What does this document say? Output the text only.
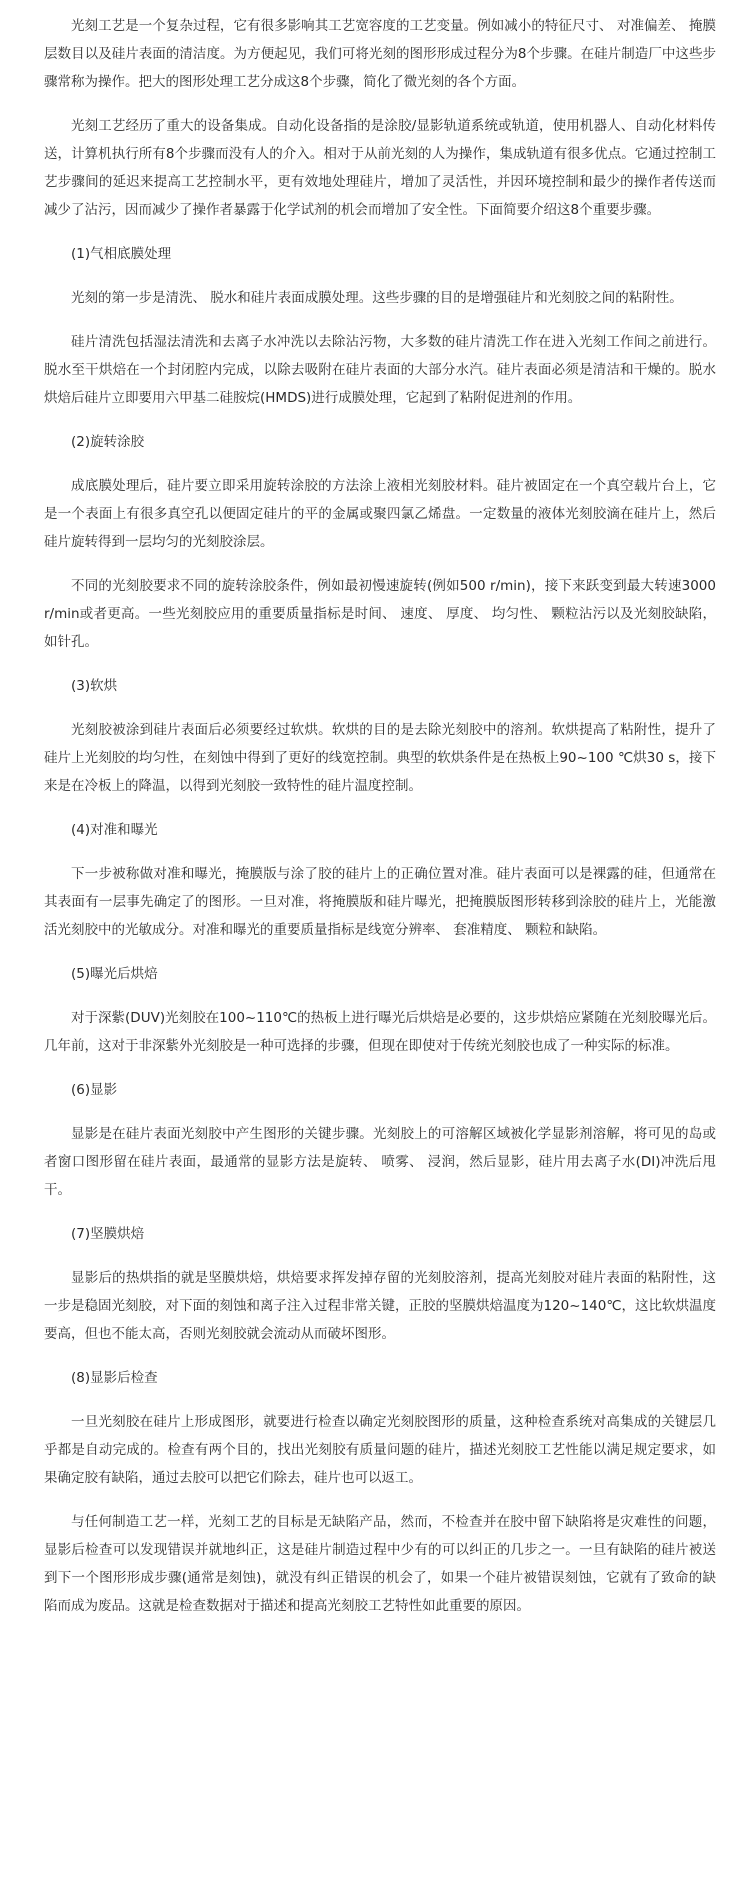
光刻工艺是一个复杂过程，它有很多影响其工艺宽容度的工艺变量。例如减小的特征尺寸、 对准偏差、 掩膜层数目以及硅片表面的清洁度。为方便起见，我们可将光刻的图形形成过程分为8个步骤。在硅片制造厂中这些步骤常称为操作。把大的图形处理工艺分成这8个步骤，简化了微光刻的各个方面。

光刻工艺经历了重大的设备集成。自动化设备指的是涂胶/显影轨道系统或轨道，使用机器人、自动化材料传送，计算机执行所有8个步骤而没有人的介入。相对于从前光刻的人为操作，集成轨道有很多优点。它通过控制工艺步骤间的延迟来提高工艺控制水平，更有效地处理硅片，增加了灵活性，并因环境控制和最少的操作者传送而减少了沾污，因而减少了操作者暴露于化学试剂的机会而增加了安全性。下面简要介绍这8个重要步骤。

(1)气相底膜处理

光刻的第一步是清洗、 脱水和硅片表面成膜处理。这些步骤的目的是增强硅片和光刻胶之间的粘附性。

硅片清洗包括湿法清洗和去离子水冲洗以去除沾污物，大多数的硅片清洗工作在进入光刻工作间之前进行。脱水至干烘焙在一个封闭腔内完成，以除去吸附在硅片表面的大部分水汽。硅片表面必须是清洁和干燥的。脱水烘焙后硅片立即要用六甲基二硅胺烷(HMDS)进行成膜处理，它起到了粘附促进剂的作用。

(2)旋转涂胶

成底膜处理后，硅片要立即采用旋转涂胶的方法涂上液相光刻胶材料。硅片被固定在一个真空载片台上，它是一个表面上有很多真空孔以便固定硅片的平的金属或聚四氯乙烯盘。一定数量的液体光刻胶滴在硅片上，然后硅片旋转得到一层均匀的光刻胶涂层。

不同的光刻胶要求不同的旋转涂胶条件，例如最初慢速旋转(例如500 r/min)，接下来跃变到最大转速3000 r/min或者更高。一些光刻胶应用的重要质量指标是时间、 速度、 厚度、 均匀性、 颗粒沾污以及光刻胶缺陷，如针孔。

(3)软烘

光刻胶被涂到硅片表面后必须要经过软烘。软烘的目的是去除光刻胶中的溶剂。软烘提高了粘附性，提升了硅片上光刻胶的均匀性，在刻蚀中得到了更好的线宽控制。典型的软烘条件是在热板上90~100 ℃烘30 s，接下来是在冷板上的降温，以得到光刻胶一致特性的硅片温度控制。

(4)对准和曝光

下一步被称做对准和曝光，掩膜版与涂了胶的硅片上的正确位置对准。硅片表面可以是裸露的硅，但通常在其表面有一层事先确定了的图形。一旦对准，将掩膜版和硅片曝光，把掩膜版图形转移到涂胶的硅片上，光能激活光刻胶中的光敏成分。对准和曝光的重要质量指标是线宽分辨率、 套准精度、 颗粒和缺陷。

(5)曝光后烘焙

对于深紫(DUV)光刻胶在100~110℃的热板上进行曝光后烘焙是必要的，这步烘焙应紧随在光刻胶曝光后。几年前，这对于非深紫外光刻胶是一种可选择的步骤，但现在即使对于传统光刻胶也成了一种实际的标准。

(6)显影

显影是在硅片表面光刻胶中产生图形的关键步骤。光刻胶上的可溶解区域被化学显影剂溶解，将可见的岛或者窗口图形留在硅片表面，最通常的显影方法是旋转、 喷雾、 浸润，然后显影，硅片用去离子水(DI)冲洗后甩干。

(7)坚膜烘焙

显影后的热烘指的就是坚膜烘焙，烘焙要求挥发掉存留的光刻胶溶剂，提高光刻胶对硅片表面的粘附性，这一步是稳固光刻胶，对下面的刻蚀和离子注入过程非常关键，正胶的坚膜烘焙温度为120~140℃，这比软烘温度要高，但也不能太高，否则光刻胶就会流动从而破坏图形。

(8)显影后检查

一旦光刻胶在硅片上形成图形，就要进行检查以确定光刻胶图形的质量，这种检查系统对高集成的关键层几乎都是自动完成的。检查有两个目的，找出光刻胶有质量问题的硅片，描述光刻胶工艺性能以满足规定要求，如果确定胶有缺陷，通过去胶可以把它们除去，硅片也可以返工。

与任何制造工艺一样，光刻工艺的目标是无缺陷产品，然而，不检查并在胶中留下缺陷将是灾难性的问题，显影后检查可以发现错误并就地纠正，这是硅片制造过程中少有的可以纠正的几步之一。一旦有缺陷的硅片被送到下一个图形形成步骤(通常是刻蚀)，就没有纠正错误的机会了，如果一个硅片被错误刻蚀，它就有了致命的缺陷而成为废品。这就是检查数据对于描述和提高光刻胶工艺特性如此重要的原因。
